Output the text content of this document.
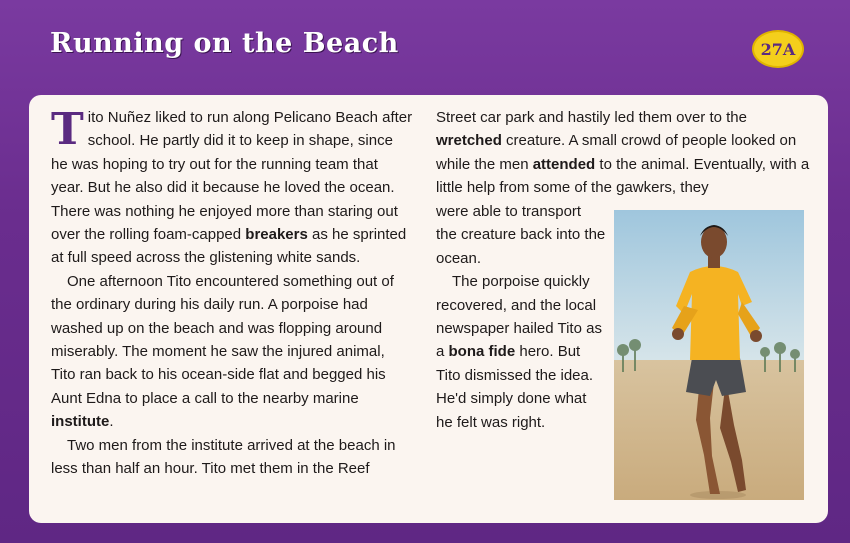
Running on the Beach	27A

Tito Nuñez liked to run along Pelicano Beach after school. He partly did it to keep in shape, since he was hoping to try out for the running team that year. But he also did it because he loved the ocean. There was nothing he enjoyed more than staring out over the rolling foam-capped breakers as he sprinted at full speed across the glistening white sands.

One afternoon Tito encountered something out of the ordinary during his daily run. A porpoise had washed up on the beach and was flopping around miserably. The moment he saw the injured animal, Tito ran back to his ocean-side flat and begged his Aunt Edna to place a call to the nearby marine institute.

Two men from the institute arrived at the beach in less than half an hour. Tito met them in the Reef

Street car park and hastily led them over to the wretched creature. A small crowd of people looked on while the men attended to the animal. Eventually, with a little help from some of the gawkers, they

were able to transport the creature back into the ocean.

The porpoise quickly recovered, and the local newspaper hailed Tito as a bona fide hero. But Tito dismissed the idea. He'd simply done what he felt was right.
